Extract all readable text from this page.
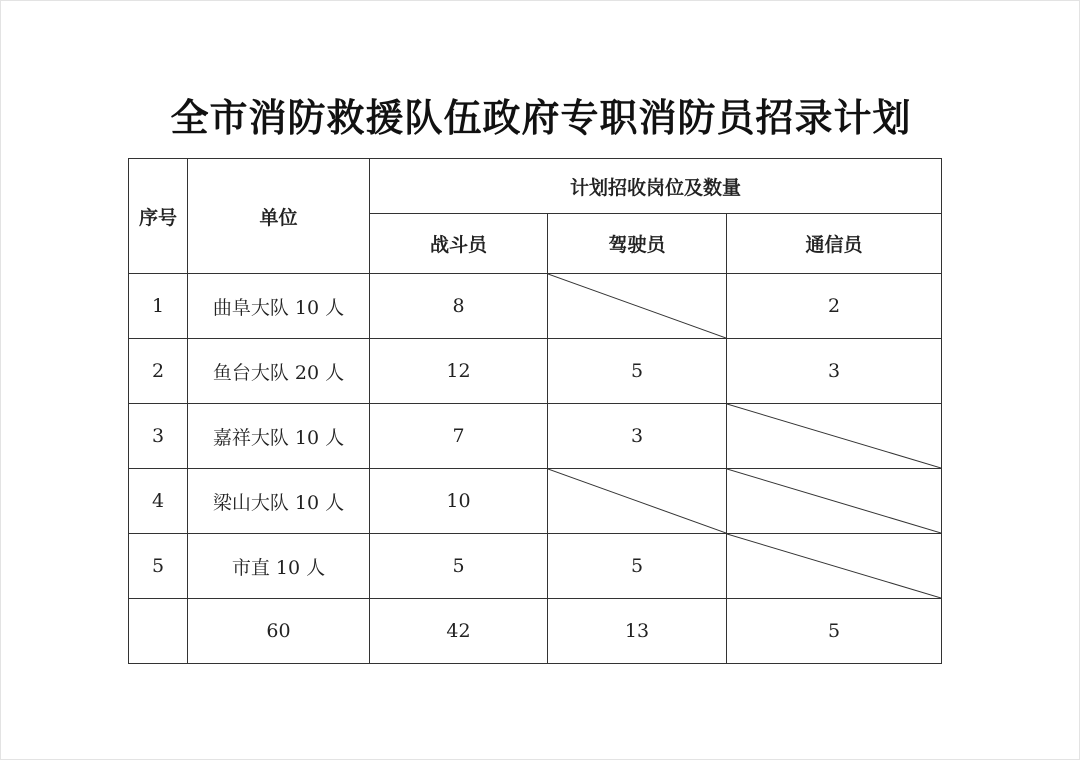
全市消防救援队伍政府专职消防员招录计划
序号	单位	计划招收岗位及数量		
		战斗员	驾驶员	通信员
1	曲阜大队 10 人	8		2
2	鱼台大队 20 人	12	5	3
3	嘉祥大队 10 人	7	3	

4	梁山大队 10 人	10	

5	市直 10 人	5	5	

	60	42	13	5
